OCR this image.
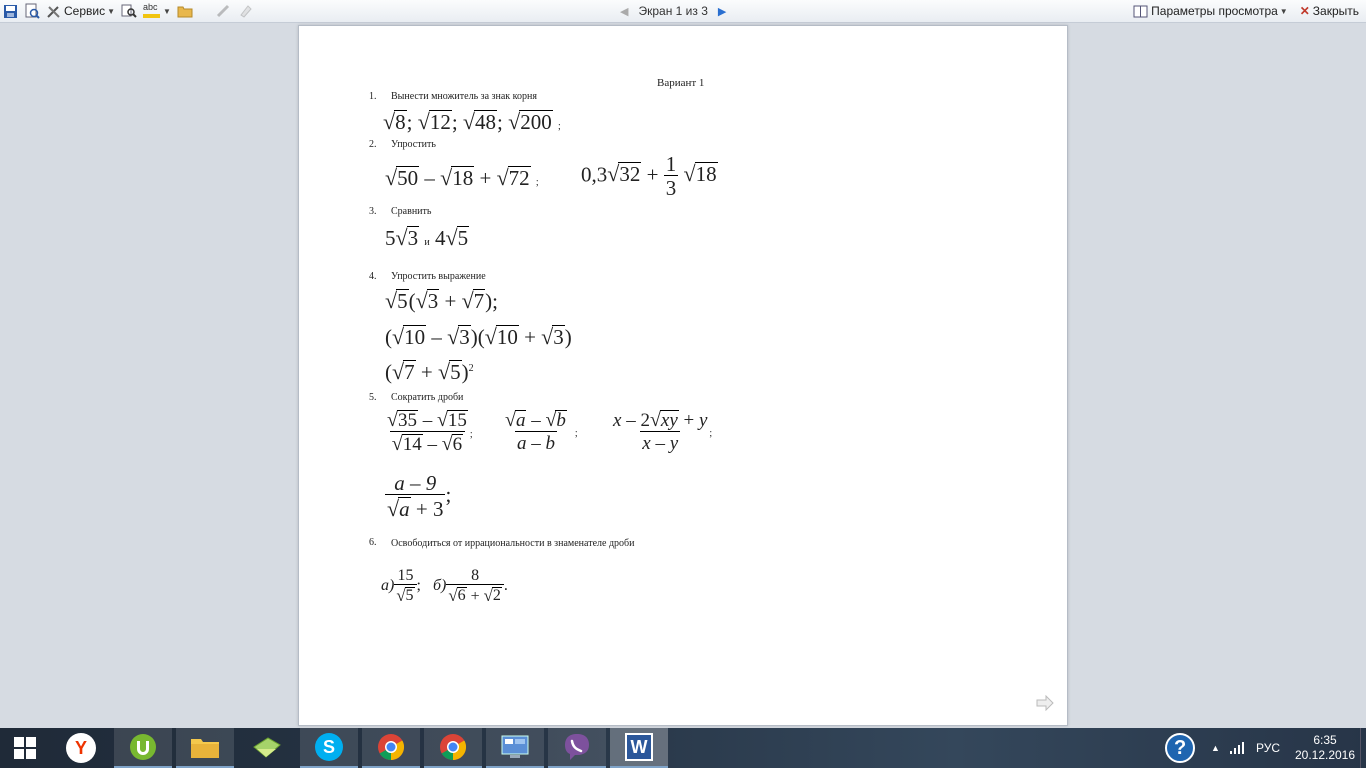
Сервис ▼	abc ▼	◀ Экран 1 из 3 ▶	Параметры просмотра ▼ ✕ Закрыть
Вариант 1
1. Вынести множитель за знак корня
√ 8 ; √ 12 ; √ 48 ; √ 200 ;
2. Упростить
√ 50 – √ 18 + √ 72 ; 0,3 √ $32 + \frac{1}{3}$
√ 18
3. Сравнить
5 √ 3 и 4 √ 5
4. Упростить выражение
√ 5 ( √ 3 + √ 7 );
( √ 10 – √ 3 )( √ 10 + √ 3 )
( √ 7 + √ 5 )$^2$
5. Сократить дроби
$\frac{√ 35 - √ 15}{√ 14 - √ 6}$ ; $\frac{√ a - √ b}{a - b}$ ; $\frac{x - 2 √ xy + y}{x - y}$ ;
$\frac{a - 9}{√ a + 3}$ ;
6. Освободиться от иррациональности в знаменателе дроби
$а) \frac{15}{√ 5}$ ; $б) \frac{8}{√ 6 + √ 2}$ .
Y	S	W	?	▲	РУС
6:35
20.12.2016
